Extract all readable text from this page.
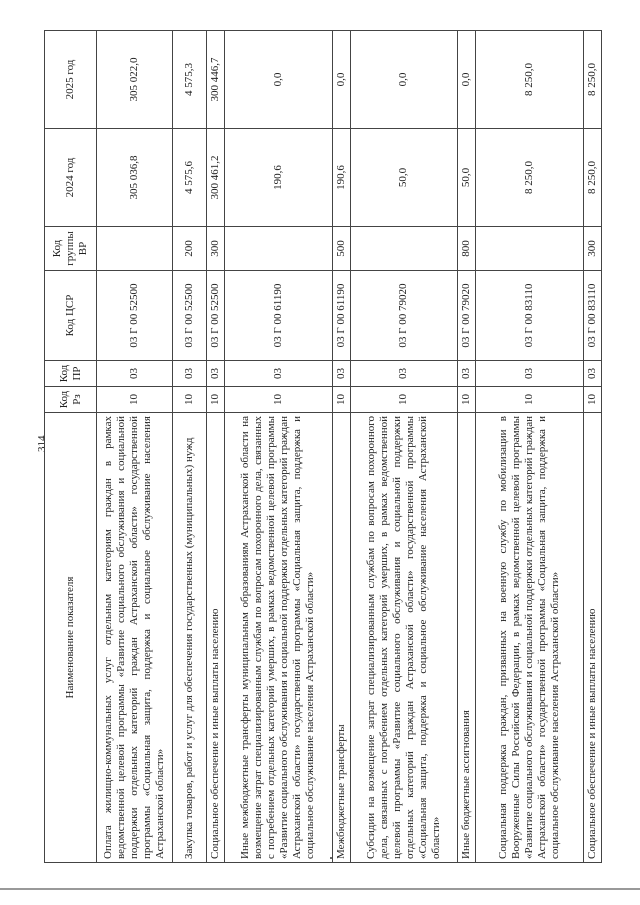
314
Наименование показателя	Код Рз	Код ПР	Код ЦСР	Код группы ВР	2024 год	2025 год
Оплата жилищно-коммунальных услуг отдельным категориям граждан в рамках ведомственной целевой программы «Развитие социального обслуживания и социальной поддержки отдельных категорий граждан Астраханской области» государственной программы «Социальная защита, поддержка и социальное обслуживание населения Астраханской области»	10	03	03 Г 00 52500		305 036,8	305 022,0
Закупка товаров, работ и услуг для обеспечения государственных (муниципальных) нужд	10	03	03 Г 00 52500	200	4 575,6	4 575,3
Социальное обеспечение и иные выплаты населению	10	03	03 Г 00 52500	300	300 461,2	300 446,7
Иные межбюджетные трансферты муниципальным образованиям Астраханской области на возмещение затрат специализированным службам по вопросам похоронного дела, связанных с погребением отдельных категорий умерших, в рамках ведомственной целевой программы «Развитие социального обслуживания и социальной поддержки отдельных категорий граждан Астраханской области» государственной программы «Социальная защита, поддержка и социальное обслуживание населения Астраханской области»	10	03	03 Г 00 61190		190,6	0,0
Межбюджетные трансферты	10	03	03 Г 00 61190	500	190,6	0,0
Субсидии на возмещение затрат специализированным службам по вопросам похоронного дела, связанных с погребением отдельных категорий умерших, в рамках ведомственной целевой программы «Развитие социального обслуживания и социальной поддержки отдельных категорий граждан Астраханской области» государственной программы «Социальная защита, поддержка и социальное обслуживание населения Астраханской области»	10	03	03 Г 00 79020		50,0	0,0
Иные бюджетные ассигнования	10	03	03 Г 00 79020	800	50,0	0,0
Социальная поддержка граждан, призванных на военную службу по мобилизации в Вооруженные Силы Российской Федерации, в рамках ведомственной целевой программы «Развитие социального обслуживания и социальной поддержки отдельных категорий граждан Астраханской области» государственной программы «Социальная защита, поддержка и социальное обслуживание населения Астраханской области»	10	03	03 Г 00 83110		8 250,0	8 250,0
Социальное обеспечение и иные выплаты населению	10	03	03 Г 00 83110	300	8 250,0	8 250,0
